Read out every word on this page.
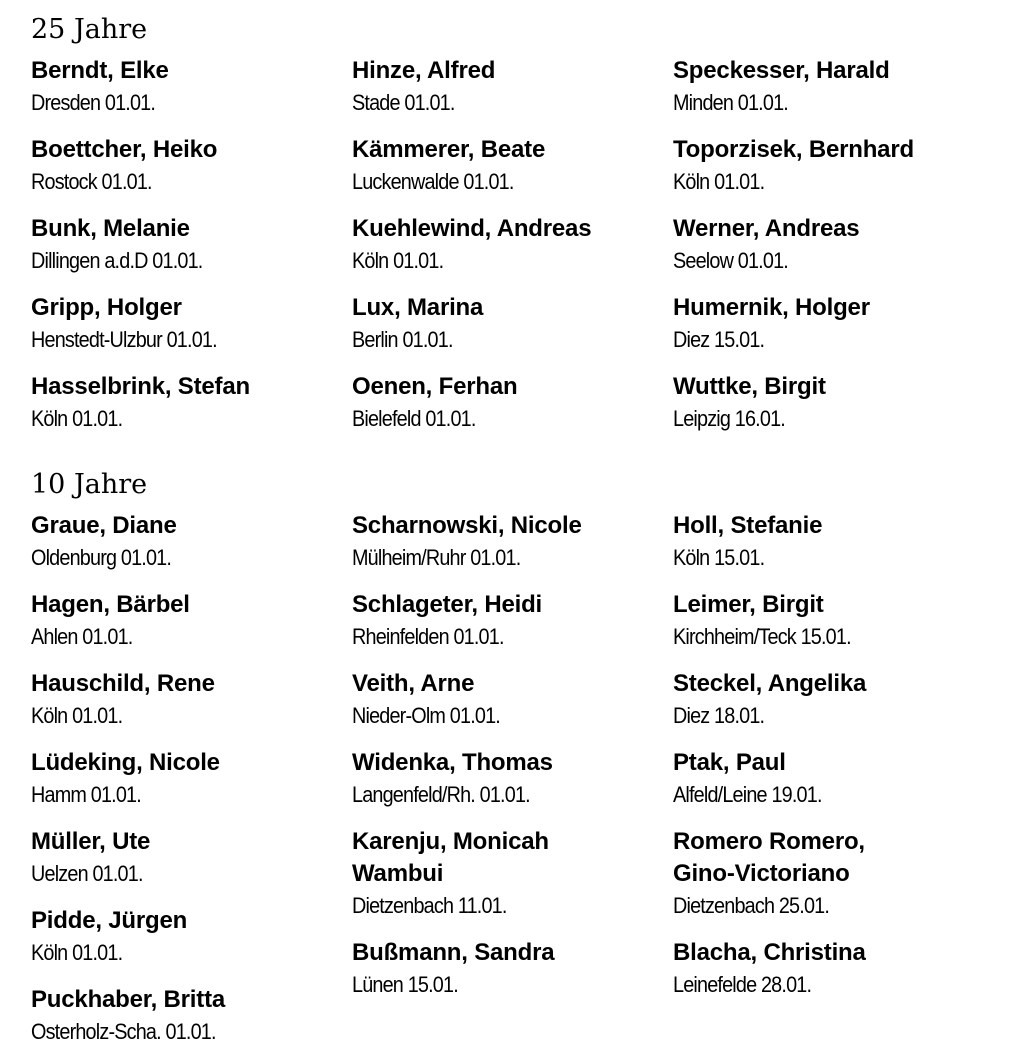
25 Jahre
Berndt, Elke
Dresden 01.01.
Boettcher, Heiko
Rostock 01.01.
Bunk, Melanie
Dillingen a.d.D 01.01.
Gripp, Holger
Henstedt-Ulzbur 01.01.
Hasselbrink, Stefan
Köln 01.01.
Hinze, Alfred
Stade 01.01.
Kämmerer, Beate
Luckenwalde 01.01.
Kuehlewind, Andreas
Köln 01.01.
Lux, Marina
Berlin 01.01.
Oenen, Ferhan
Bielefeld 01.01.
Speckesser, Harald
Minden 01.01.
Toporzisek, Bernhard
Köln 01.01.
Werner, Andreas
Seelow 01.01.
Humernik, Holger
Diez 15.01.
Wuttke, Birgit
Leipzig 16.01.
10 Jahre
Graue, Diane
Oldenburg 01.01.
Hagen, Bärbel
Ahlen 01.01.
Hauschild, Rene
Köln 01.01.
Lüdeking, Nicole
Hamm 01.01.
Müller, Ute
Uelzen 01.01.
Pidde, Jürgen
Köln 01.01.
Puckhaber, Britta
Osterholz-Scha. 01.01.
Scharnowski, Nicole
Mülheim/Ruhr 01.01.
Schlageter, Heidi
Rheinfelden 01.01.
Veith, Arne
Nieder-Olm 01.01.
Widenka, Thomas
Langenfeld/Rh. 01.01.
Karenju, Monicah
Wambui
Dietzenbach 11.01.
Bußmann, Sandra
Lünen 15.01.
Holl, Stefanie
Köln 15.01.
Leimer, Birgit
Kirchheim/Teck 15.01.
Steckel, Angelika
Diez 18.01.
Ptak, Paul
Alfeld/Leine 19.01.
Romero Romero,
Gino-Victoriano
Dietzenbach 25.01.
Blacha, Christina
Leinefelde 28.01.
